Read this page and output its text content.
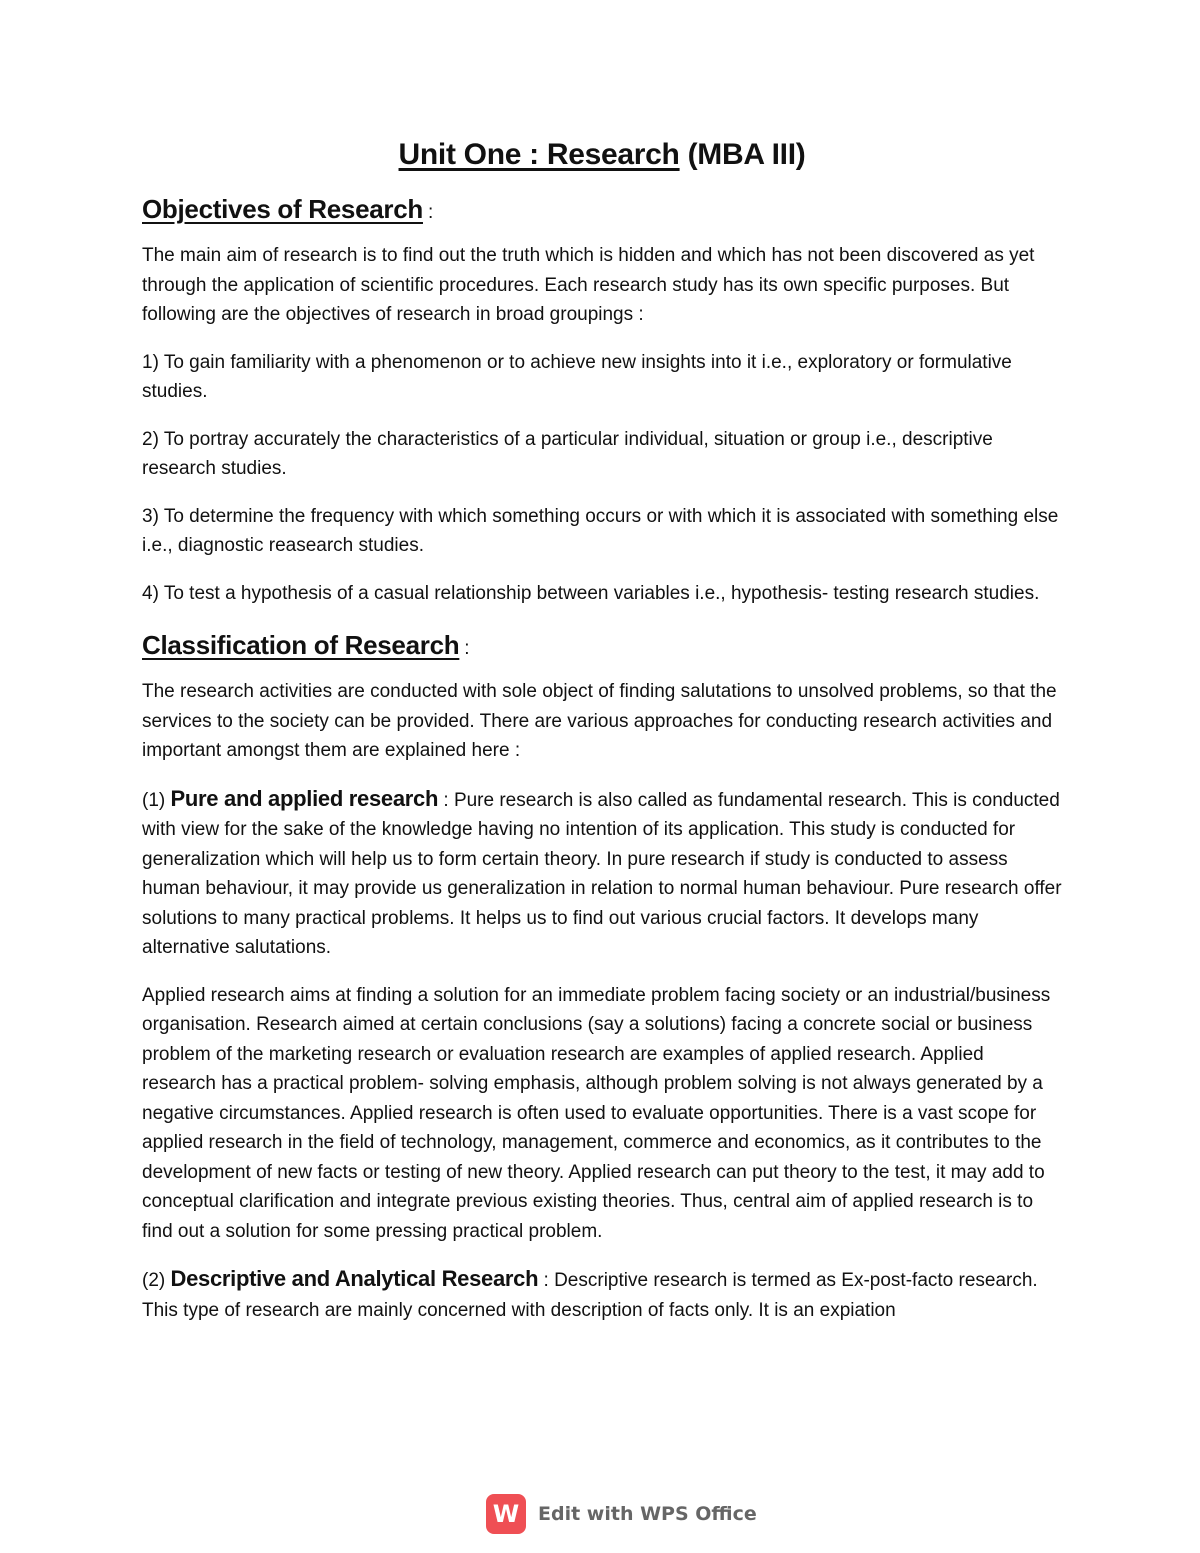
Unit One : Research (MBA III)
Objectives of Research :

The main aim of research is to find out the truth which is hidden and which has not been discovered as yet through the application of scientific procedures. Each research study has its own specific purposes. But following are the objectives of research in broad groupings :

1) To gain familiarity with a phenomenon or to achieve new insights into it i.e., exploratory or formulative studies.

2) To portray accurately the characteristics of a particular individual, situation or group i.e., descriptive research studies.

3) To determine the frequency with which something occurs or with which it is associated with something else i.e., diagnostic reasearch studies.

4) To test a hypothesis of a casual relationship between variables i.e., hypothesis- testing research studies.

Classification of Research :

The research activities are conducted with sole object of finding salutations to unsolved problems, so that the services to the society can be provided. There are various approaches for conducting research activities and important amongst them are explained here :

(1) Pure and applied research : Pure research is also called as fundamental research. This is conducted with view for the sake of the knowledge having no intention of its application. This study is conducted for generalization which will help us to form certain theory. In pure research if study is conducted to assess human behaviour, it may provide us generalization in relation to normal human behaviour. Pure research offer solutions to many practical problems. It helps us to find out various crucial factors. It develops many alternative salutations.

Applied research aims at finding a solution for an immediate problem facing society or an industrial/business organisation. Research aimed at certain conclusions (say a solutions) facing a concrete social or business problem of the marketing research or evaluation research are examples of applied research. Applied research has a practical problem- solving emphasis, although problem solving is not always generated by a negative circumstances. Applied research is often used to evaluate opportunities. There is a vast scope for applied research in the field of technology, management, commerce and economics, as it contributes to the development of new facts or testing of new theory. Applied research can put theory to the test, it may add to conceptual clarification and integrate previous existing theories. Thus, central aim of applied research is to find out a solution for some pressing practical problem.

(2) Descriptive and Analytical Research : Descriptive research is termed as Ex-post-facto research. This type of research are mainly concerned with description of facts only. It is an expiation

W Edit with WPS Office
